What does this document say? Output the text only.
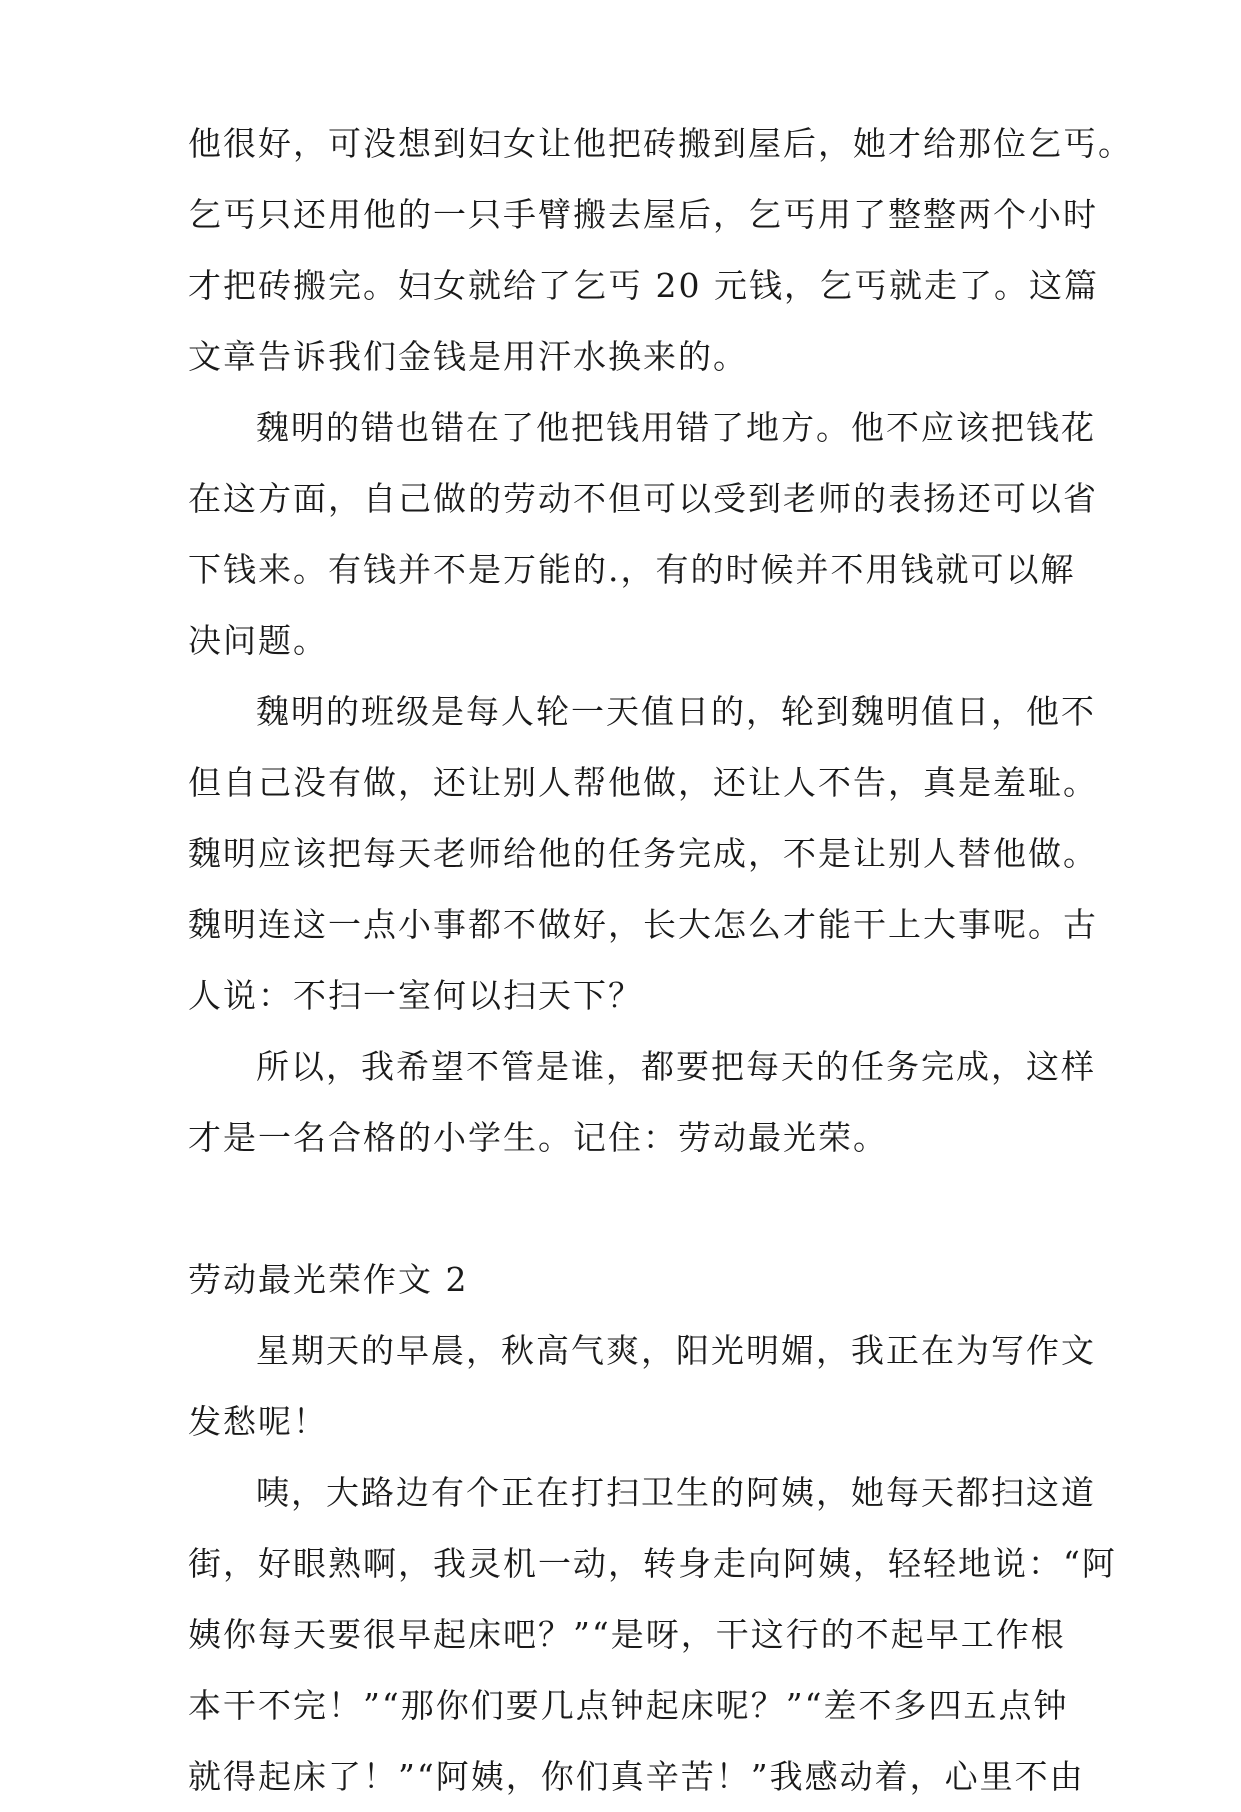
他很好，可没想到妇女让他把砖搬到屋后，她才给那位乞丐。
乞丐只还用他的一只手臂搬去屋后，乞丐用了整整两个小时
才把砖搬完。妇女就给了乞丐 20 元钱，乞丐就走了。这篇
文章告诉我们金钱是用汗水换来的。
魏明的错也错在了他把钱用错了地方。他不应该把钱花
在这方面，自己做的劳动不但可以受到老师的表扬还可以省
下钱来。有钱并不是万能的.，有的时候并不用钱就可以解
决问题。
魏明的班级是每人轮一天值日的，轮到魏明值日，他不
但自己没有做，还让别人帮他做，还让人不告，真是羞耻。
魏明应该把每天老师给他的任务完成，不是让别人替他做。
魏明连这一点小事都不做好，长大怎么才能干上大事呢。古
人说：不扫一室何以扫天下？
所以，我希望不管是谁，都要把每天的任务完成，这样
才是一名合格的小学生。记住：劳动最光荣。
劳动最光荣作文 2
星期天的早晨，秋高气爽，阳光明媚，我正在为写作文
发愁呢！
咦，大路边有个正在打扫卫生的阿姨，她每天都扫这道
街，好眼熟啊，我灵机一动，转身走向阿姨，轻轻地说：“阿
姨你每天要很早起床吧？”“是呀，干这行的不起早工作根
本干不完！”“那你们要几点钟起床呢？”“差不多四五点钟
就得起床了！”“阿姨，你们真辛苦！”我感动着，心里不由
